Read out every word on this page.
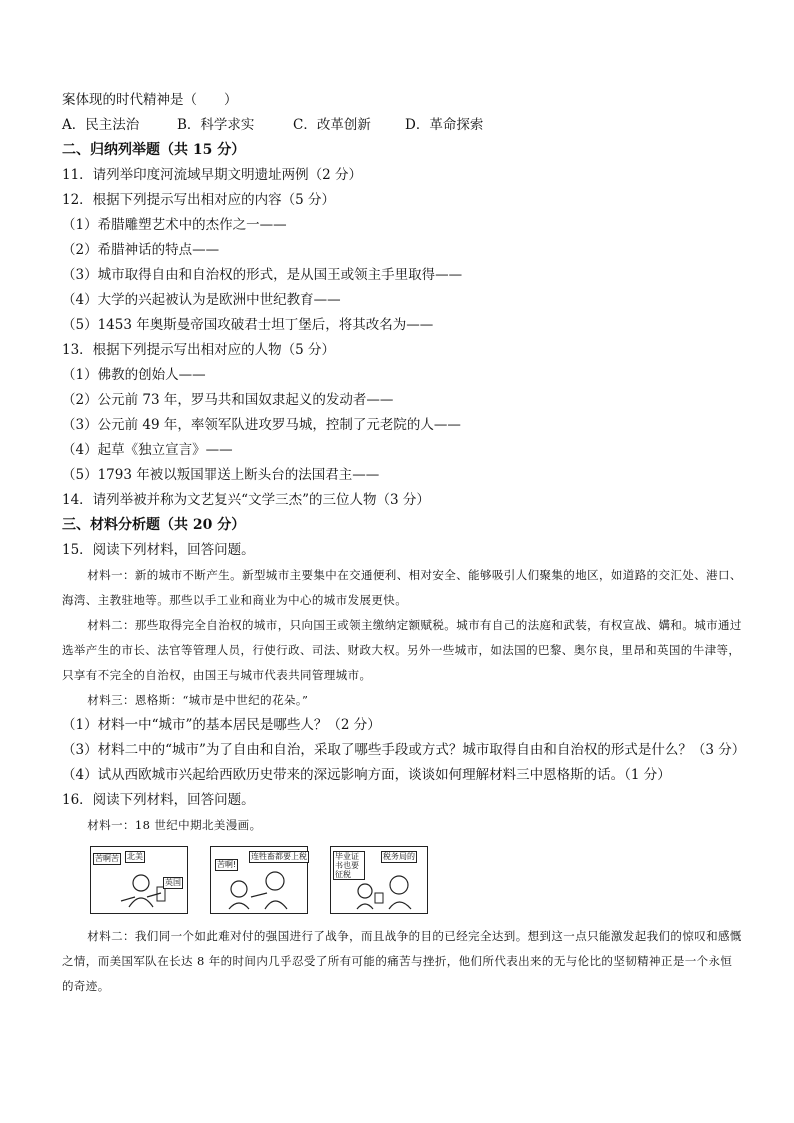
案体现的时代精神是（　　）
A．民主法治	B．科学求实	C．改革创新	D．革命探索
二、归纳列举题（共 15 分）
11．请列举印度河流域早期文明遗址两例（2 分）
12．根据下列提示写出相对应的内容（5 分）
（1）希腊雕塑艺术中的杰作之一——
（2）希腊神话的特点——
（3）城市取得自由和自治权的形式，是从国王或领主手里取得——
（4）大学的兴起被认为是欧洲中世纪教育——
（5）1453 年奥斯曼帝国攻破君士坦丁堡后，将其改名为——
13．根据下列提示写出相对应的人物（5 分）
（1）佛教的创始人——
（2）公元前 73 年，罗马共和国奴隶起义的发动者——
（3）公元前 49 年，率领军队进攻罗马城，控制了元老院的人——
（4）起草《独立宣言》——
（5）1793 年被以叛国罪送上断头台的法国君主——
14．请列举被并称为文艺复兴“文学三杰”的三位人物（3 分）
三、材料分析题（共 20 分）
15．阅读下列材料，回答问题。
材料一：新的城市不断产生。新型城市主要集中在交通便利、相对安全、能够吸引人们聚集的地区，如道路的交汇处、港口、海湾、主教驻地等。那些以手工业和商业为中心的城市发展更快。
材料二：那些取得完全自治权的城市，只向国王或领主缴纳定额赋税。城市有自己的法庭和武装，有权宣战、媾和。城市通过选举产生的市长、法官等管理人员，行使行政、司法、财政大权。另外一些城市，如法国的巴黎、奥尔良，里昂和英国的牛津等，只享有不完全的自治权，由国王与城市代表共同管理城市。
材料三：恩格斯：“城市是中世纪的花朵。”
（1）材料一中“城市”的基本居民是哪些人？（2 分）
（3）材料二中的“城市”为了自由和自治，采取了哪些手段或方式？城市取得自由和自治权的形式是什么？（3 分）
（4）试从西欧城市兴起给西欧历史带来的深远影响方面，谈谈如何理解材料三中恩格斯的话。（1 分）
16．阅读下列材料，回答问题。
材料一：18 世纪中期北美漫画。
苦啊苦 北美
英国
苦啊!
连牲畜都要上税	毕业证书也要征税
税务局的
材料二：我们同一个如此难对付的强国进行了战争，而且战争的目的已经完全达到。想到这一点只能激发起我们的惊叹和感慨之情，而美国军队在长达 8 年的时间内几乎忍受了所有可能的痛苦与挫折，他们所代表出来的无与伦比的坚韧精神正是一个永恒的奇迹。
